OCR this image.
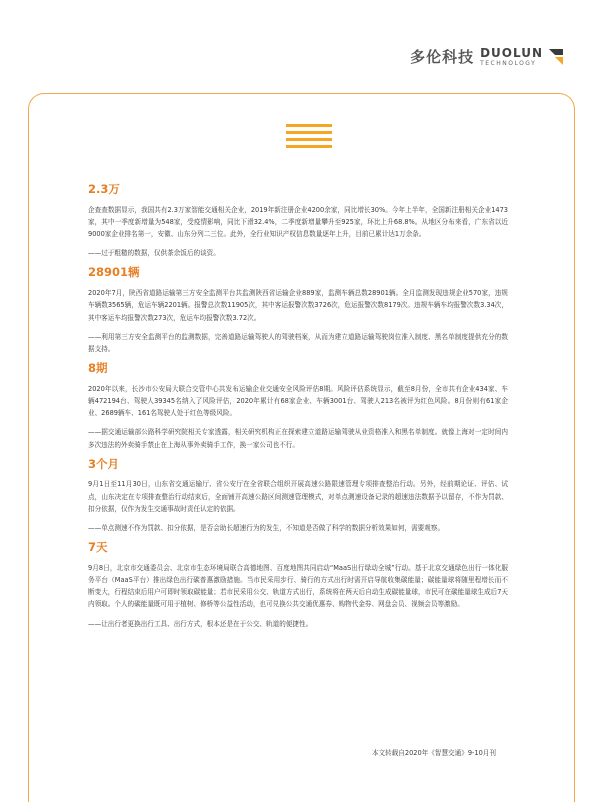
多伦科技 DUOLUN
TECHNOLOGY
2.3万

企查查数据显示，我国共有2.3万家智能交通相关企业，2019年新注册企业4200余家，同比增长30%。今年上半年，全国新注册相关企业1473家，其中一季度新增量为548家，受疫情影响，同比下滑32.4%，二季度新增量攀升至925家，环比上升68.8%。从地区分布来看，广东省以近9000家企业排名第一，安徽、山东分列二三位。此外，全行业知识产权信息数量逐年上升，目前已累计达1万余条。

——过于粗糙的数据，仅供茶余饭后的谈资。

28901辆

2020年7月，陕西省道路运输第三方安全监测平台共监测陕西省运输企业889家，监测车辆总数28901辆。全月监测发现违规企业570家，违规车辆数3565辆，危运车辆2201辆。报警总次数11905次，其中客运报警次数3726次，危运报警次数8179次。违规车辆车均报警次数3.34次，其中客运车均报警次数273次，危运车均报警次数3.72次。

——利用第三方安全监测平台的监测数据，完善道路运输驾驶人的驾驶档案，从而为建立道路运输驾驶岗位准入制度、黑名单制度提供充分的数据支持。

8期

2020年以来，长沙市公安局大联合交管中心共发布运输企业交通安全风险评估8期。风险评估系统显示，截至8月份，全市共有企业434家、车辆472194台、驾驶人39345名纳入了风险评估，2020年累计有68家企业、车辆3001台、驾驶人213名被评为红色风险。8月份则有61家企业、2689辆车、161名驾驶人处于红色等级风险。

——据交通运输部公路科学研究院相关专家透露，相关研究机构正在探索建立道路运输驾驶从业资格准入和黑名单制度。就像上海对一定时间内多次违法的外卖骑手禁止在上海从事外卖骑手工作，换一家公司也不行。

3个月

9月1日至11月30日，山东省交通运输厅、省公安厅在全省联合组织开展高速公路限速管理专项排查整治行动。另外，经前期论证、评估、试点，山东决定在专项排查整治行动结束后，全面铺开高速公路区间测速管理模式，对单点测速设备记录的超速违法数据予以留存，不作为罚款、扣分依据，仅作为发生交通事故时责任认定的依据。

——单点测速不作为罚款、扣分依据，是否会助长超速行为的发生，不知道是否做了科学的数据分析效果如何，需要观察。

7天

9月8日，北京市交通委员会、北京市生态环境局联合高德地图、百度地图共同启动“MaaS出行绿动全城”行动。基于北京交通绿色出行一体化服务平台（MaaS平台）推出绿色出行碳普惠激励措施。当市民采用步行、骑行的方式出行时需开启导航收集碳能量；碳能量球将随里程增长而不断变大，行程结束后用户可即时领取碳能量；若市民采用公交、轨道方式出行，系统将在两天后自动生成碳能量球，市民可在碳能量球生成后7天内领取。个人的碳能量既可用于植树、修桥等公益性活动，也可兑换公共交通优惠券、购物代金券、网盘会员、视频会员等激励。

——让出行者更换出行工具、出行方式，根本还是在于公交、轨道的便捷性。

本文转载自2020年《智慧交通》9-10月刊
